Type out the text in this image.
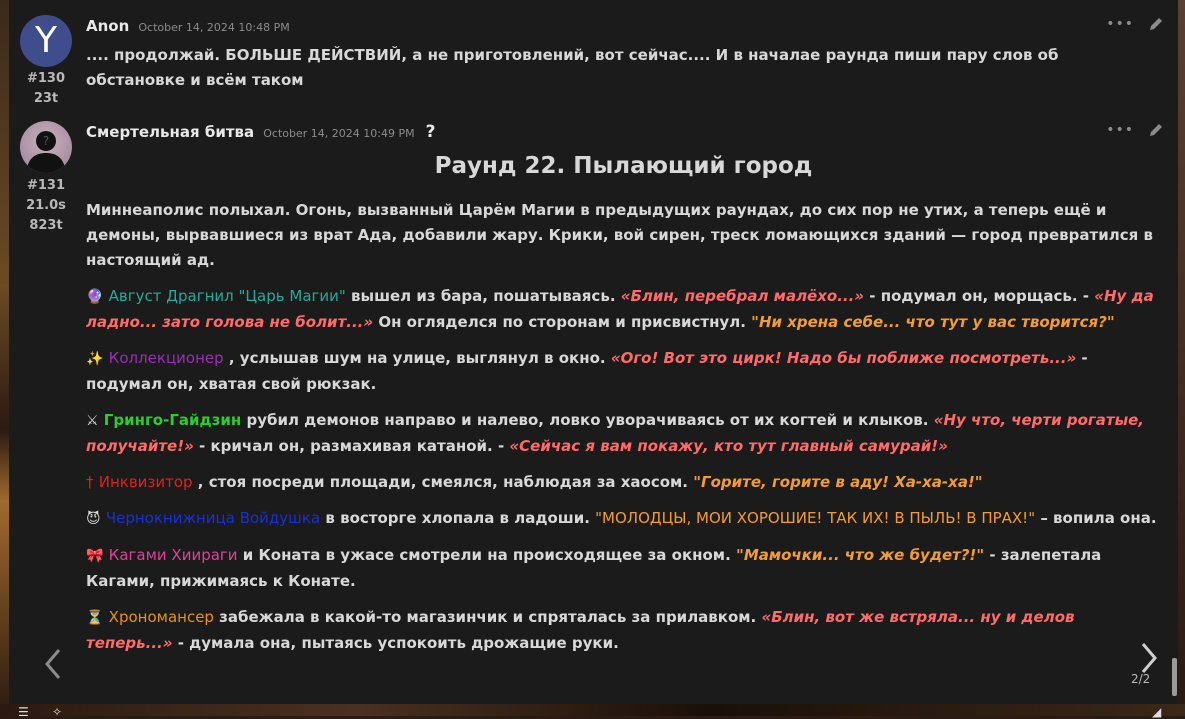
Y
#130
23t
Anon October 14, 2024 10:48 PM	•••

.... продолжай. БОЛЬШЕ ДЕЙСТВИЙ, а не приготовлений, вот сейчас.... И в началае раунда пиши пару слов об обстановке и всём таком

?
#131
21.0s
823t
Смертельная битва October 14, 2024 10:49 PM ?	•••
Раунд 22. Пылающий город

Миннеаполис полыхал. Огонь, вызванный Царём Магии в предыдущих раундах, до сих пор не утих, а теперь ещё и демоны, вырвавшиеся из врат Ада, добавили жару. Крики, вой сирен, треск ломающихся зданий — город превратился в настоящий ад.

🔮 Август Драгнил "Царь Магии" вышел из бара, пошатываясь. «Блин, перебрал малёхо...» - подумал он, морщась. - «Ну да ладно... зато голова не болит...» Он огляделся по сторонам и присвистнул. "Ни хрена себе... что тут у вас творится?"

✨ Коллекционер , услышав шум на улице, выглянул в окно. «Ого! Вот это цирк! Надо бы поближе посмотреть...» - подумал он, хватая свой рюкзак.

⚔ Гринго-Гайдзин рубил демонов направо и налево, ловко уворачиваясь от их когтей и клыков. «Ну что, черти рогатые, получайте!» - кричал он, размахивая катаной. - «Сейчас я вам покажу, кто тут главный самурай!»

† Инквизитор , стоя посреди площади, смеялся, наблюдая за хаосом. "Горите, горите в аду! Ха-ха-ха!"

😈 Чернокнижница Войдушка в восторге хлопала в ладоши. "МОЛОДЦЫ, МОИ ХОРОШИЕ! ТАК ИХ! В ПЫЛЬ! В ПРАХ!" – вопила она.

🎀 Кагами Хиираги и Коната в ужасе смотрели на происходящее за окном. "Мамочки... что же будет?!" - залепетала Кагами, прижимаясь к Конате.

⏳ Хрономансер забежала в какой-то магазинчик и спряталась за прилавком. «Блин, вот же встряла... ну и делов теперь...» - думала она, пытаясь успокоить дрожащие руки.

2/2
☰ ✧	◢
